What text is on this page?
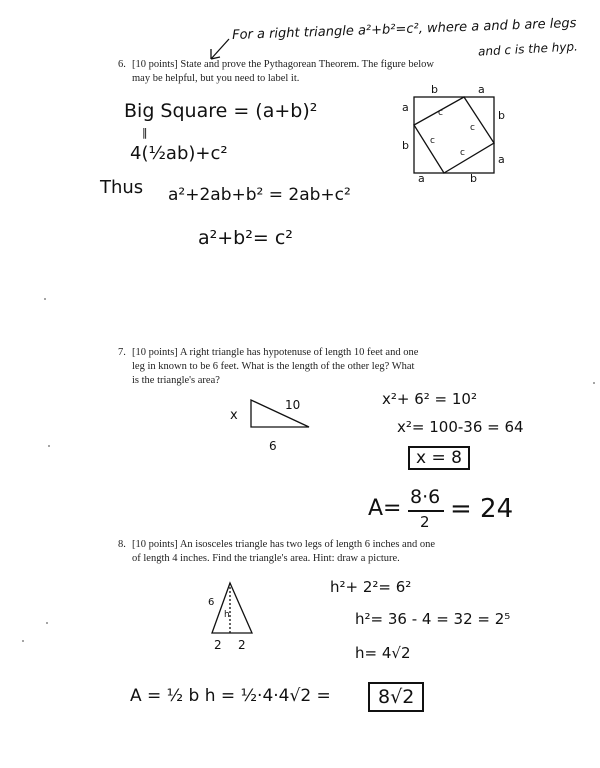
For a right triangle a²+b²=c², where a and b are legs
and c is the hyp.
6. [10 points] State and prove the Pythagorean Theorem. The figure below
may be helpful, but you need to label it.
Big Square = (a+b)²
‖
4(½ab)+c²
Thus a²+2ab+b² = 2ab+c²
a²+b²= c²
b	a
a
b
b
a
a	b
c
c
c
c
7. [10 points] A right triangle has hypotenuse of length 10 feet and one
leg in known to be 6 feet. What is the length of the other leg? What
is the triangle's area?
x
10
6
x²+ 6² = 10²
x²= 100-36 = 64
x = 8
A= 8·6
2 = 24
8. [10 points] An isosceles triangle has two legs of length 6 inches and one
of length 4 inches. Find the triangle's area. Hint: draw a picture.
6
h
2 2
h²+ 2²= 6²
h²= 36 - 4 = 32 = 2⁵
h= 4√2
A = ½ b h = ½·4·4√2 =	8√2
